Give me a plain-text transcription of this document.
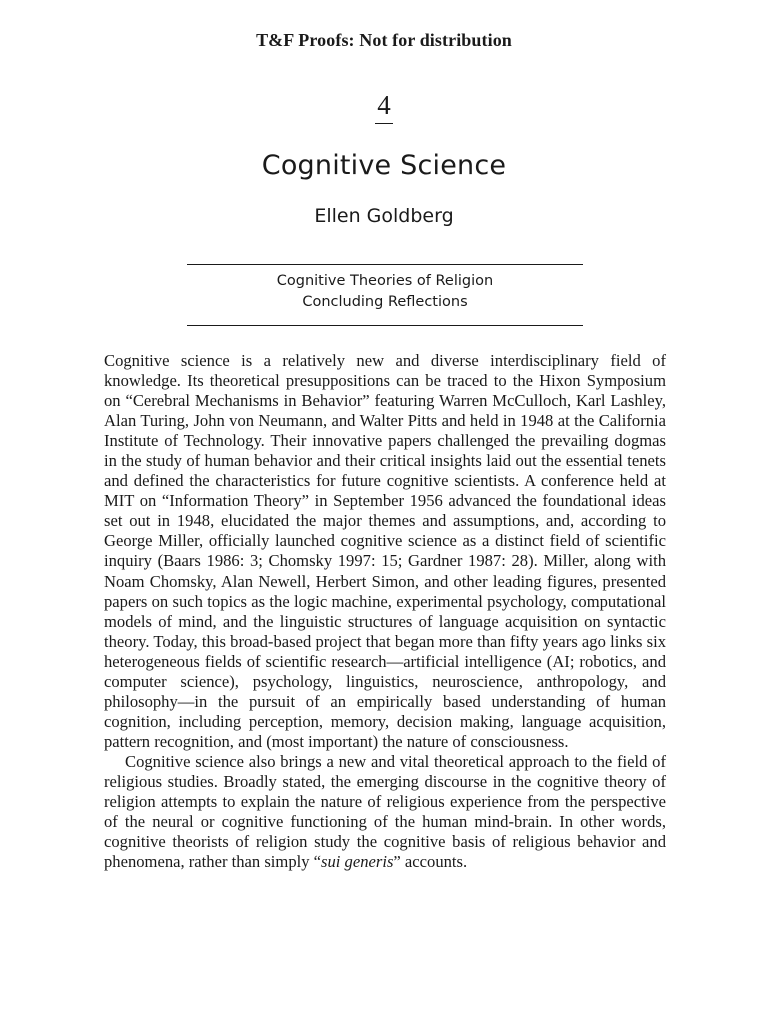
T&F Proofs: Not for distribution
4
Cognitive Science
Ellen Goldberg
Cognitive Theories of Religion
Concluding Reflections

Cognitive science is a relatively new and diverse interdisciplinary field of knowledge. Its theoretical presuppositions can be traced to the Hixon Symposium on “Cerebral Mechanisms in Behavior” featuring Warren McCulloch, Karl Lashley, Alan Turing, John von Neumann, and Walter Pitts and held in 1948 at the California Institute of Technology. Their innovative papers challenged the prevailing dogmas in the study of human behavior and their critical insights laid out the essential tenets and defined the characteristics for future cognitive scientists. A conference held at MIT on “Information Theory” in September 1956 advanced the foundational ideas set out in 1948, elucidated the major themes and assumptions, and, according to George Miller, officially launched cognitive science as a distinct field of scientific inquiry (Baars 1986: 3; Chomsky 1997: 15; Gardner 1987: 28). Miller, along with Noam Chomsky, Alan Newell, Herbert Simon, and other leading figures, presented papers on such topics as the logic machine, experimental psychology, computational models of mind, and the linguistic structures of language acquisition on syntactic theory. Today, this broad-based project that began more than fifty years ago links six heterogeneous fields of scientific research—artificial intelligence (AI; robotics, and computer science), psychology, linguistics, neuroscience, anthropology, and philosophy—in the pursuit of an empirically based understanding of human cognition, including perception, memory, decision making, language acquisition, pattern recognition, and (most important) the nature of consciousness.

Cognitive science also brings a new and vital theoretical approach to the field of religious studies. Broadly stated, the emerging discourse in the cognitive theory of religion attempts to explain the nature of religious experience from the perspective of the neural or cognitive functioning of the human mind-brain. In other words, cognitive theorists of religion study the cognitive basis of religious behavior and phenomena, rather than simply “sui generis” accounts.
